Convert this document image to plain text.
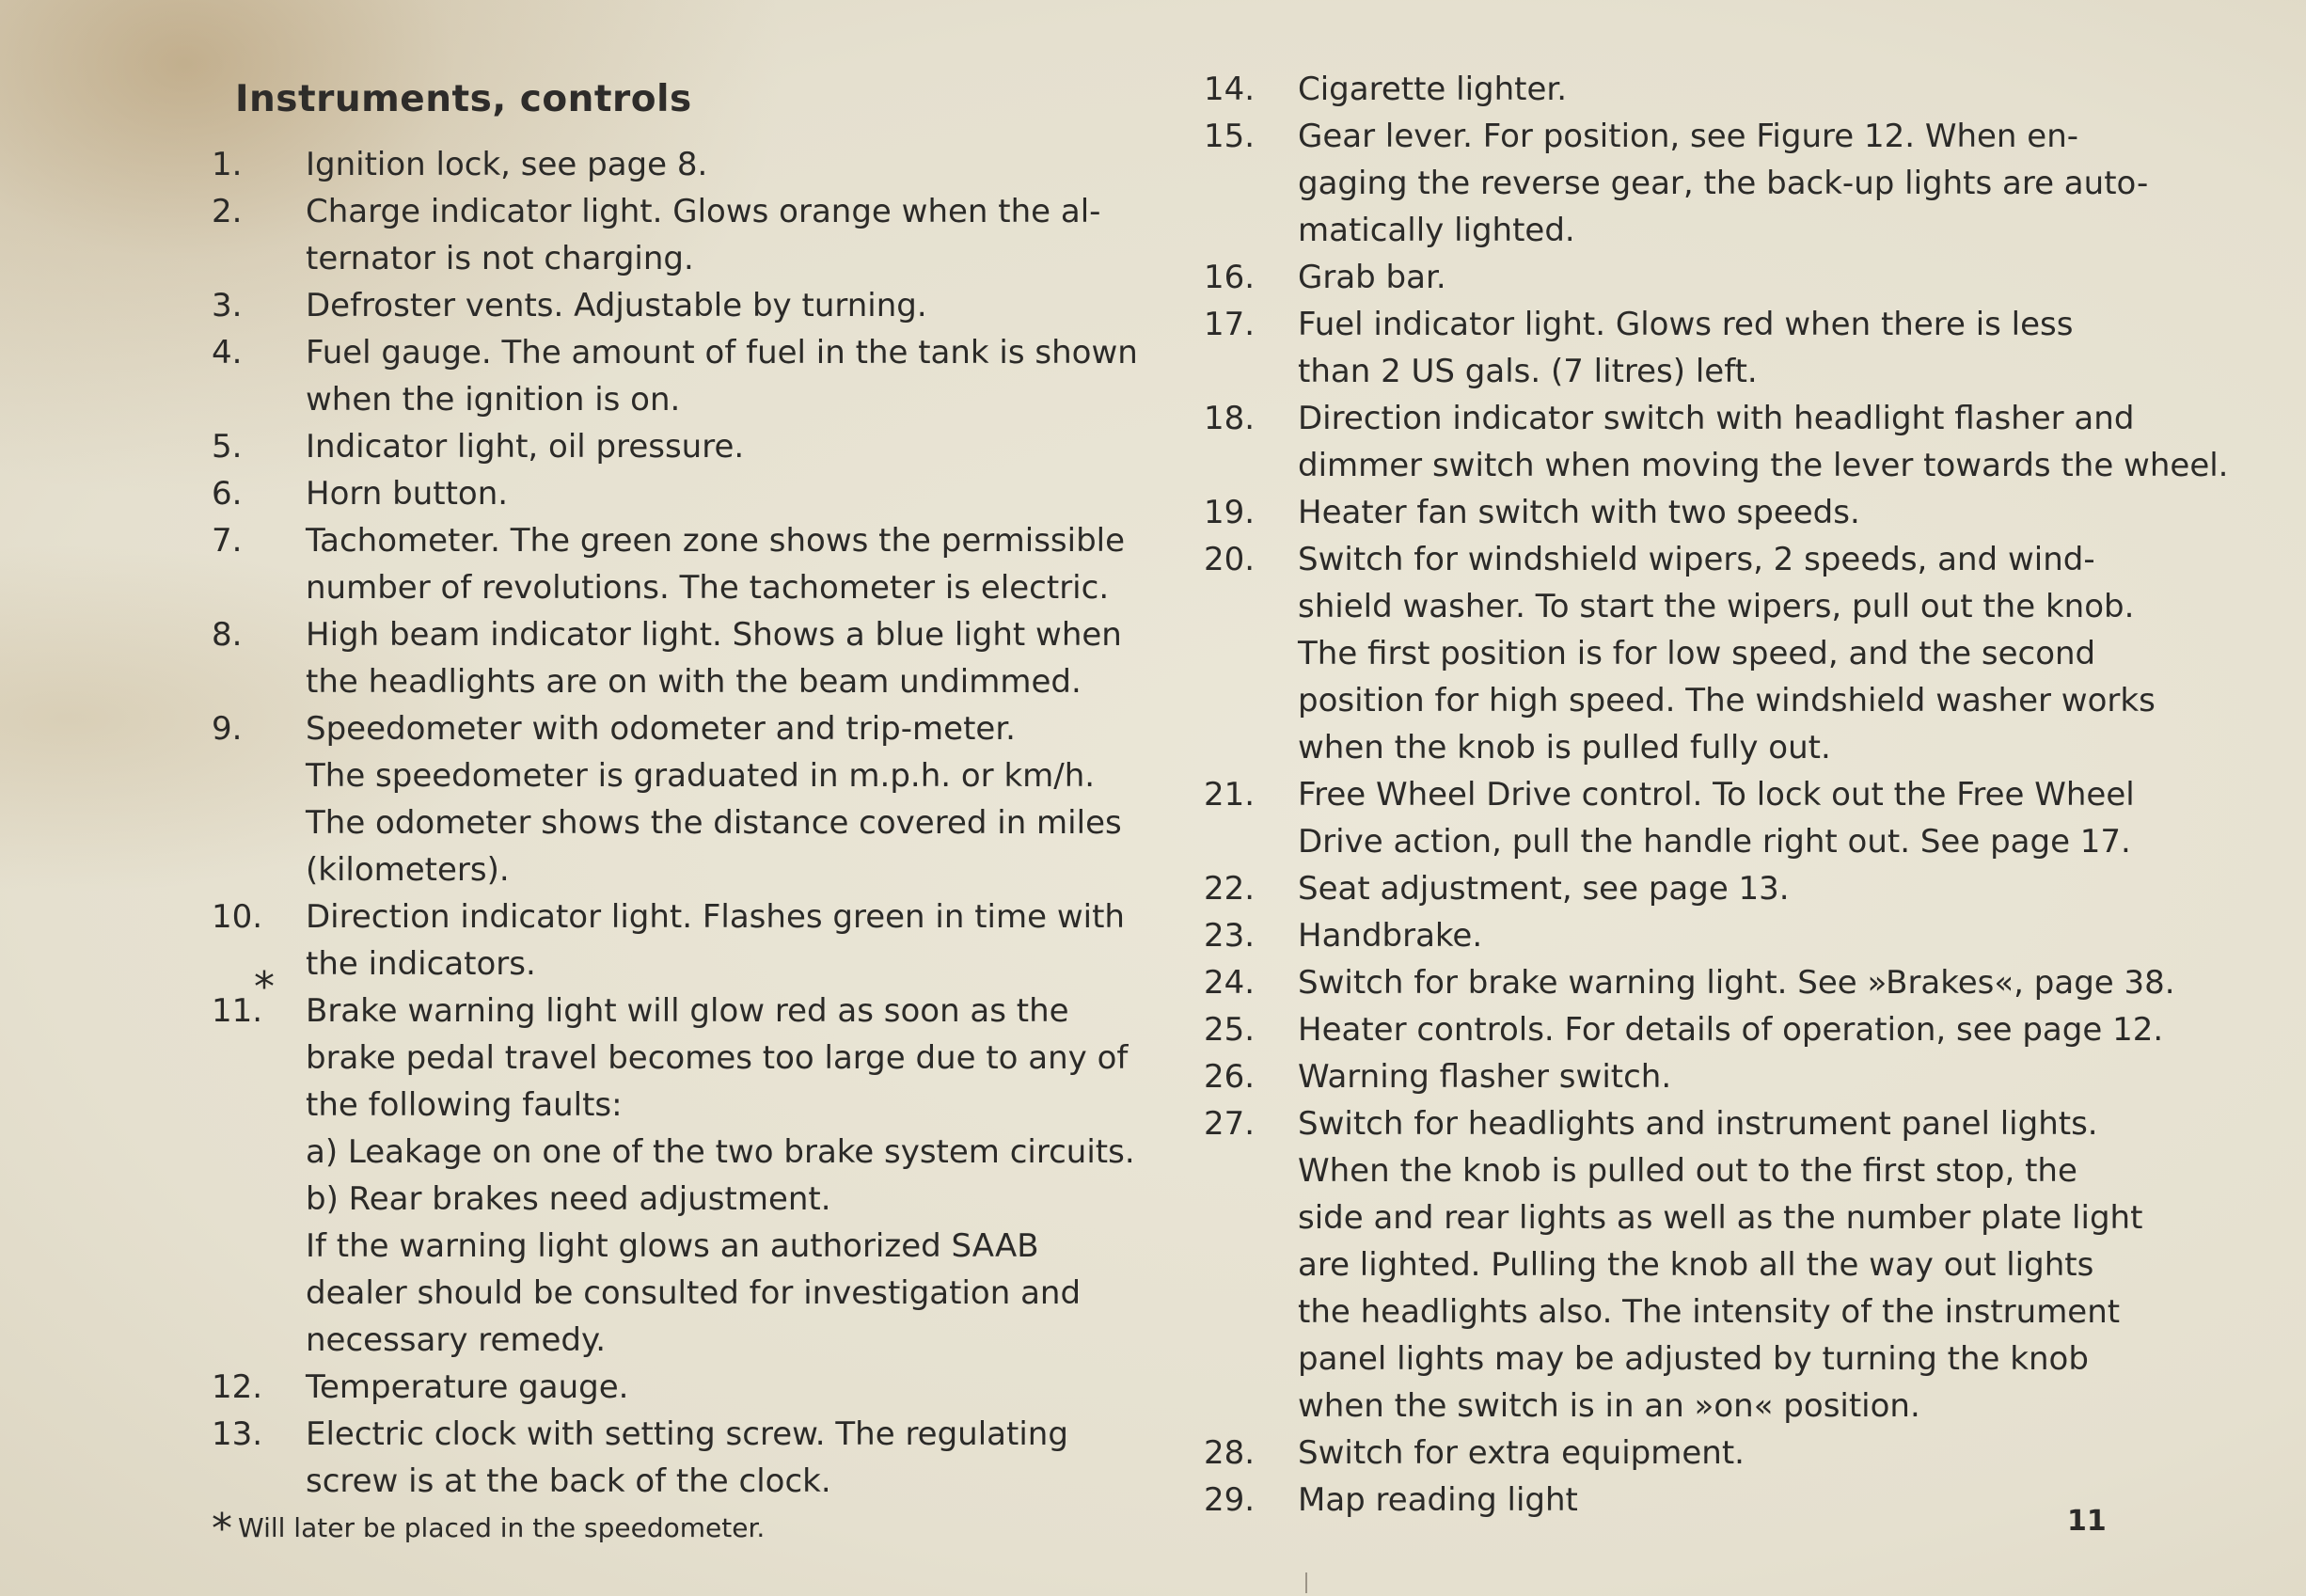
Instruments, controls
1.	Ignition lock, see page 8.
2.	Charge indicator light. Glows orange when the al-
ternator is not charging.
3.	Defroster vents. Adjustable by turning.
4.	Fuel gauge. The amount of fuel in the tank is shown
when the ignition is on.
5.	Indicator light, oil pressure.
6.	Horn button.
7.	Tachometer. The green zone shows the permissible
number of revolutions. The tachometer is electric.
8.	High beam indicator light. Shows a blue light when
the headlights are on with the beam undimmed.
9.	Speedometer with odometer and trip-meter.
The speedometer is graduated in m.p.h. or km/h.
The odometer shows the distance covered in miles
(kilometers).
10.	Direction indicator light. Flashes green in time with
the indicators.
11.	Brake warning light will glow red as soon as the
brake pedal travel becomes too large due to any of
the following faults:
a) Leakage on one of the two brake system circuits.
b) Rear brakes need adjustment.
If the warning light glows an authorized SAAB
dealer should be consulted for investigation and
necessary remedy.
12.	Temperature gauge.
13.	Electric clock with setting screw. The regulating
screw is at the back of the clock.
14.	Cigarette lighter.
15.	Gear lever. For position, see Figure 12. When en-
gaging the reverse gear, the back-up lights are auto-
matically lighted.
16.	Grab bar.
17.	Fuel indicator light. Glows red when there is less
than 2 US gals. (7 litres) left.
18.	Direction indicator switch with headlight flasher and
dimmer switch when moving the lever towards the wheel.
19.	Heater fan switch with two speeds.
20.	Switch for windshield wipers, 2 speeds, and wind-
shield washer. To start the wipers, pull out the knob.
The first position is for low speed, and the second
position for high speed. The windshield washer works
when the knob is pulled fully out.
21.	Free Wheel Drive control. To lock out the Free Wheel
Drive action, pull the handle right out. See page 17.
22.	Seat adjustment, see page 13.
23.	Handbrake.
24.	Switch for brake warning light. See »Brakes«, page 38.
25.	Heater controls. For details of operation, see page 12.
26.	Warning flasher switch.
27.	Switch for headlights and instrument panel lights.
When the knob is pulled out to the first stop, the
side and rear lights as well as the number plate light
are lighted. Pulling the knob all the way out lights
the headlights also. The intensity of the instrument
panel lights may be adjusted by turning the knob
when the switch is in an »on« position.
28.	Switch for extra equipment.
29.	Map reading light
*
* Will later be placed in the speedometer.	11
